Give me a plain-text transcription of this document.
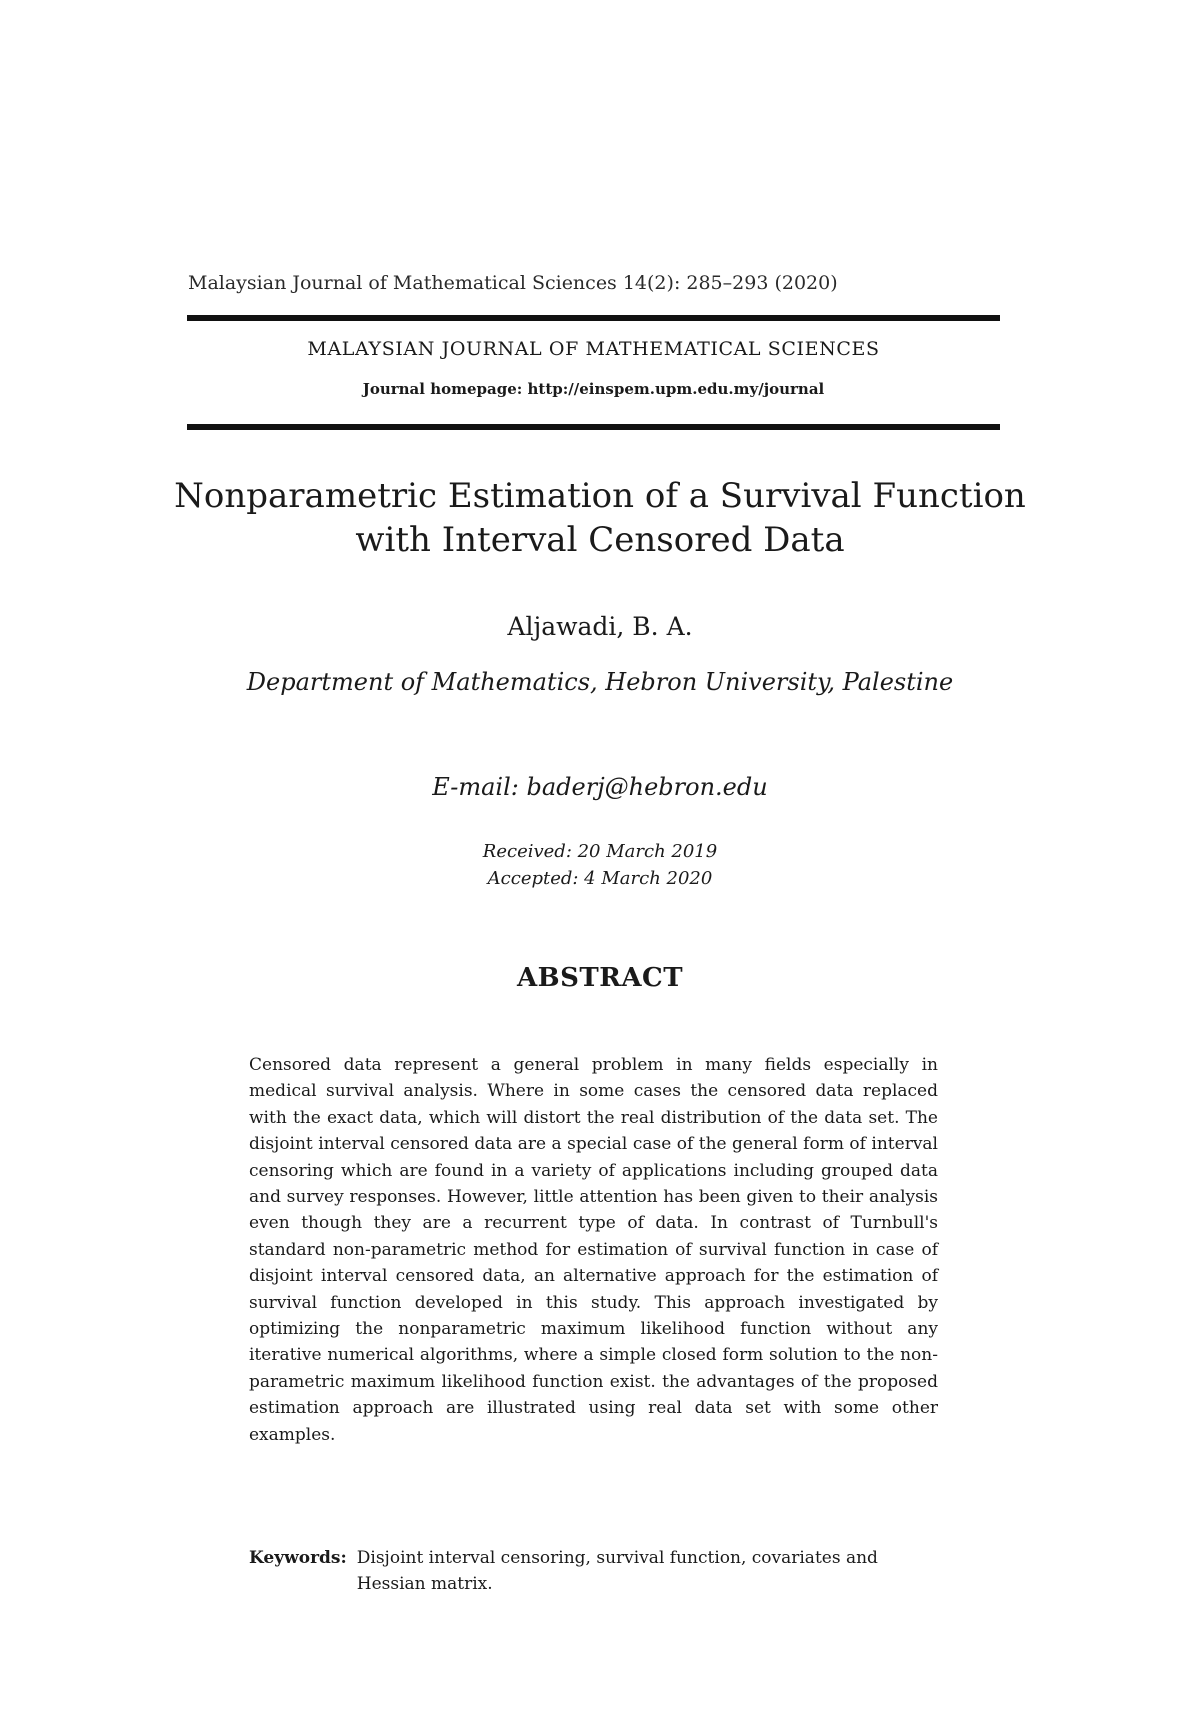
Malaysian Journal of Mathematical Sciences 14(2): 285–293 (2020)
MALAYSIAN JOURNAL OF MATHEMATICAL SCIENCES
Journal homepage: http://einspem.upm.edu.my/journal
Nonparametric Estimation of a Survival Function with Interval Censored Data
Aljawadi, B. A.
Department of Mathematics, Hebron University, Palestine
E-mail: baderj@hebron.edu
Received: 20 March 2019
Accepted: 4 March 2020
ABSTRACT

Censored data represent a general problem in many fields especially in medical survival analysis. Where in some cases the censored data replaced with the exact data, which will distort the real distribution of the data set. The disjoint interval censored data are a special case of the general form of interval censoring which are found in a variety of applications including grouped data and survey responses. However, little attention has been given to their analysis even though they are a recurrent type of data. In contrast of Turnbull's standard non-parametric method for estimation of survival function in case of disjoint interval censored data, an alternative approach for the estimation of survival function developed in this study. This approach investigated by optimizing the nonparametric maximum likelihood function without any iterative numerical algorithms, where a simple closed form solution to the non-parametric maximum likelihood function exist. the advantages of the proposed estimation approach are illustrated using real data set with some other examples.

Keywords: Disjoint interval censoring, survival function, covariates and Hessian matrix.
